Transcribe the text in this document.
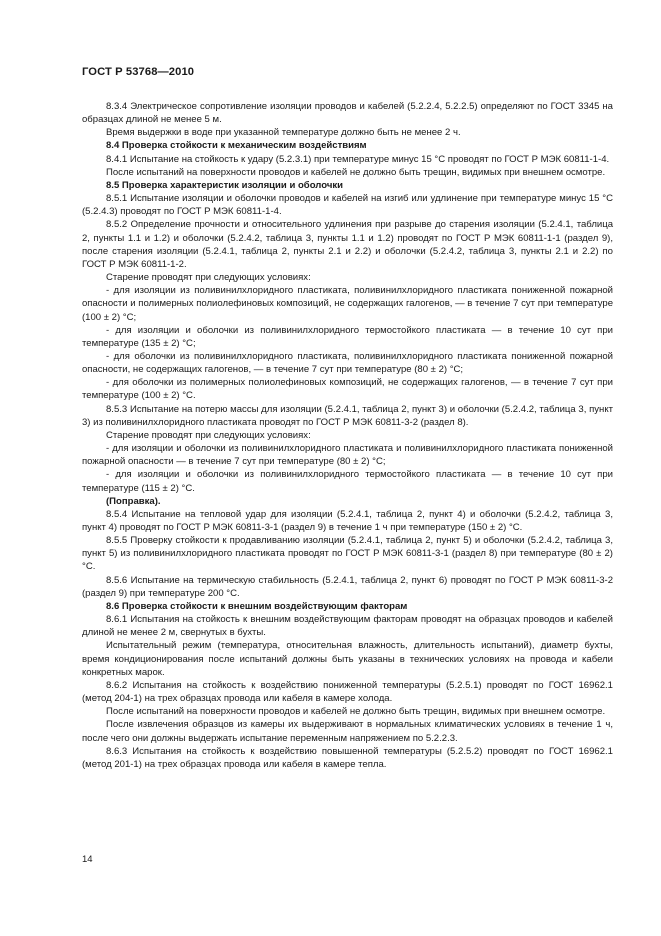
ГОСТ Р 53768—2010

8.3.4 Электрическое сопротивление изоляции проводов и кабелей (5.2.2.4, 5.2.2.5) определяют по ГОСТ 3345 на образцах длиной не менее 5 м.

Время выдержки в воде при указанной температуре должно быть не менее 2 ч.

8.4 Проверка стойкости к механическим воздействиям

8.4.1 Испытание на стойкость к удару (5.2.3.1) при температуре минус 15 °С проводят по ГОСТ Р МЭК 60811-1-4.

После испытаний на поверхности проводов и кабелей не должно быть трещин, видимых при внешнем осмотре.

8.5 Проверка характеристик изоляции и оболочки

8.5.1 Испытание изоляции и оболочки проводов и кабелей на изгиб или удлинение при температуре минус 15 °С (5.2.4.3) проводят по ГОСТ Р МЭК 60811-1-4.

8.5.2 Определение прочности и относительного удлинения при разрыве до старения изоляции (5.2.4.1, таблица 2, пункты 1.1 и 1.2) и оболочки (5.2.4.2, таблица 3, пункты 1.1 и 1.2) проводят по ГОСТ Р МЭК 60811-1-1 (раздел 9), после старения изоляции (5.2.4.1, таблица 2, пункты 2.1 и 2.2) и оболочки (5.2.4.2, таблица 3, пункты 2.1 и 2.2) по ГОСТ Р МЭК 60811-1-2.

Старение проводят при следующих условиях:

- для изоляции из поливинилхлоридного пластиката, поливинилхлоридного пластиката пониженной пожарной опасности и полимерных полиолефиновых композиций, не содержащих галогенов, — в течение 7 сут при температуре (100 ± 2) °С;

- для изоляции и оболочки из поливинилхлоридного термостойкого пластиката — в течение 10 сут при температуре (135 ± 2) °С;

- для оболочки из поливинилхлоридного пластиката, поливинилхлоридного пластиката пониженной пожарной опасности, не содержащих галогенов, — в течение 7 сут при температуре (80 ± 2) °С;

- для оболочки из полимерных полиолефиновых композиций, не содержащих галогенов, — в течение 7 сут при температуре (100 ± 2) °С.

8.5.3 Испытание на потерю массы для изоляции (5.2.4.1, таблица 2, пункт 3) и оболочки (5.2.4.2, таблица 3, пункт 3) из поливинилхлоридного пластиката проводят по ГОСТ Р МЭК 60811-3-2 (раздел 8).

Старение проводят при следующих условиях:

- для изоляции и оболочки из поливинилхлоридного пластиката и поливинилхлоридного пластиката пониженной пожарной опасности — в течение 7 сут при температуре (80 ± 2) °С;

- для изоляции и оболочки из поливинилхлоридного термостойкого пластиката — в течение 10 сут при температуре (115 ± 2) °С.

(Поправка).

8.5.4 Испытание на тепловой удар для изоляции (5.2.4.1, таблица 2, пункт 4) и оболочки (5.2.4.2, таблица 3, пункт 4) проводят по ГОСТ Р МЭК 60811-3-1 (раздел 9) в течение 1 ч при температуре (150 ± 2) °С.

8.5.5 Проверку стойкости к продавливанию изоляции (5.2.4.1, таблица 2, пункт 5) и оболочки (5.2.4.2, таблица 3, пункт 5) из поливинилхлоридного пластиката проводят по ГОСТ Р МЭК 60811-3-1 (раздел 8) при температуре (80 ± 2) °С.

8.5.6 Испытание на термическую стабильность (5.2.4.1, таблица 2, пункт 6) проводят по ГОСТ Р МЭК 60811-3-2 (раздел 9) при температуре 200 °С.

8.6 Проверка стойкости к внешним воздействующим факторам

8.6.1 Испытания на стойкость к внешним воздействующим факторам проводят на образцах проводов и кабелей длиной не менее 2 м, свернутых в бухты.

Испытательный режим (температура, относительная влажность, длительность испытаний), диаметр бухты, время кондиционирования после испытаний должны быть указаны в технических условиях на провода и кабели конкретных марок.

8.6.2 Испытания на стойкость к воздействию пониженной температуры (5.2.5.1) проводят по ГОСТ 16962.1 (метод 204-1) на трех образцах провода или кабеля в камере холода.

После испытаний на поверхности проводов и кабелей не должно быть трещин, видимых при внешнем осмотре.

После извлечения образцов из камеры их выдерживают в нормальных климатических условиях в течение 1 ч, после чего они должны выдержать испытание переменным напряжением по 5.2.2.3.

8.6.3 Испытания на стойкость к воздействию повышенной температуры (5.2.5.2) проводят по ГОСТ 16962.1 (метод 201-1) на трех образцах провода или кабеля в камере тепла.

14
